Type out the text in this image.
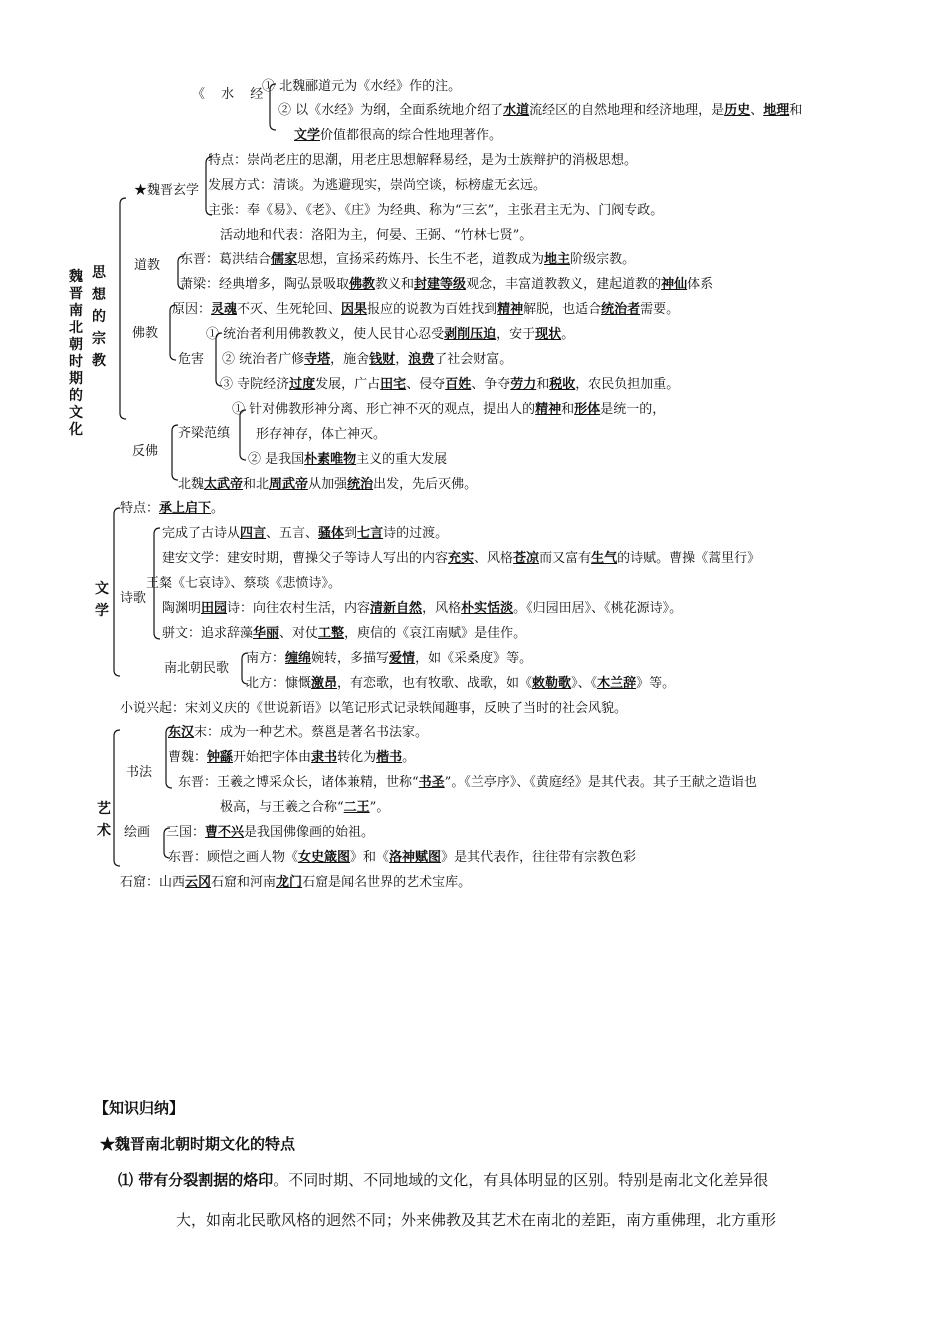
魏晋南北朝时期的文化
《 水 经
① 北魏郦道元为《水经》作的注。
② 以《水经》为纲，全面系统地介绍了水道流经区的自然地理和经济地理，是历史、地理和
文学价值都很高的综合性地理著作。
思想的宗教
★魏晋玄学
特点：崇尚老庄的思潮，用老庄思想解释易经，是为士族辩护的消极思想。
发展方式：清谈。为逃避现实，崇尚空谈，标榜虚无玄远。
主张：奉《易》、《老》、《庄》为经典、称为“三玄”，主张君主无为、门阀专政。
活动地和代表：洛阳为主，何晏、王弼、“竹林七贤”。
道教 东晋：葛洪结合儒家思想，宣扬采药炼丹、长生不老，道教成为地主阶级宗教。
萧梁：经典增多，陶弘景吸取佛教教义和封建等级观念，丰富道教教义，建起道教的神仙体系
佛教
原因：灵魂不灭、生死轮回、因果报应的说教为百姓找到精神解脱，也适合统治者需要。
危害
① 统治者利用佛教教义，使人民甘心忍受剥削压迫，安于现状。
② 统治者广修寺塔，施舍钱财，浪费了社会财富。
③ 寺院经济过度发展，广占田宅、侵夺百姓、争夺劳力和税收，农民负担加重。
反佛
齐梁范缜
① 针对佛教形神分离、形亡神不灭的观点，提出人的精神和形体是统一的，
形存神存，体亡神灭。
② 是我国朴素唯物主义的重大发展
北魏太武帝和北周武帝从加强统治出发，先后灭佛。
文学
特点：承上启下。
诗歌
完成了古诗从四言、五言、骚体到七言诗的过渡。
建安文学：建安时期，曹操父子等诗人写出的内容充实、风格苍凉而又富有生气的诗赋。曹操《蒿里行》
王粲《七哀诗》、蔡琰《悲愤诗》。
陶渊明田园诗：向往农村生活，内容清新自然，风格朴实恬淡。《归园田居》、《桃花源诗》。
骈文：追求辞藻华丽、对仗工整，庾信的《哀江南赋》是佳作。
南北朝民歌
南方：缠绵婉转，多描写爱情，如《采桑度》等。
北方：慷慨激昂，有恋歌，也有牧歌、战歌，如《敕勒歌》、《木兰辞》等。
小说兴起：宋刘义庆的《世说新语》以笔记形式记录轶闻趣事，反映了当时的社会风貌。
艺术
书法
东汉末：成为一种艺术。蔡邕是著名书法家。
曹魏：钟繇开始把字体由隶书转化为楷书。
东晋：王羲之博采众长，诸体兼精，世称“书圣”。《兰亭序》、《黄庭经》是其代表。其子王献之造诣也
极高，与王羲之合称“二王”。
绘画 三国：曹不兴是我国佛像画的始祖。
东晋：顾恺之画人物《女史箴图》和《洛神赋图》是其代表作，往往带有宗教色彩
石窟：山西云冈石窟和河南龙门石窟是闻名世界的艺术宝库。
【知识归纳】
★魏晋南北朝时期文化的特点
⑴ 带有分裂割据的烙印。不同时期、不同地域的文化，有具体明显的区别。特别是南北文化差异很
大，如南北民歌风格的迥然不同；外来佛教及其艺术在南北的差距，南方重佛理，北方重形
